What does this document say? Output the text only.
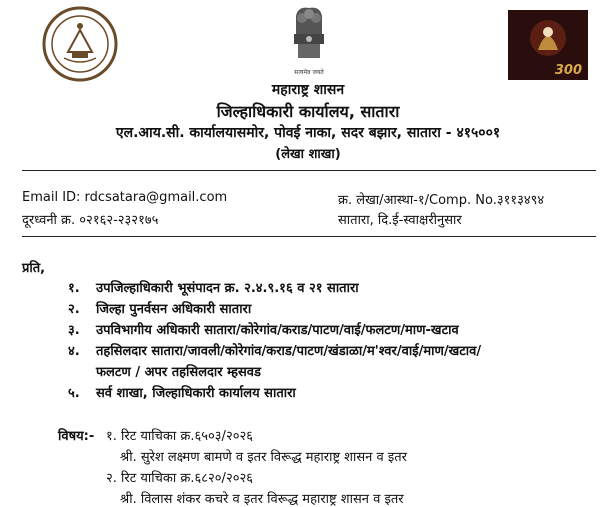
सत्यमेव जयते	300
महाराष्ट्र शासन
जिल्हाधिकारी कार्यालय, सातारा
एल.आय.सी. कार्यालयासमोर, पोवई नाका, सदर बझार, सातारा - ४१५००१
(लेखा शाखा)
Email ID: rdcsatara@gmail.com
दूरध्वनी क्र. ०२१६२-२३२१७५
क्र. लेखा/आस्था-१/Comp. No.३११३४९४
सातारा, दि.ई-स्वाक्षरीनुसार
प्रति,
१. उपजिल्हाधिकारी भूसंपादन क्र. २.४.९.१६ व २१ सातारा
२. जिल्हा पुनर्वसन अधिकारी सातारा
३. उपविभागीय अधिकारी सातारा/कोरेगांव/कराड/पाटण/वाई/फलटण/माण-खटाव
४. तहसिलदार सातारा/जावली/कोरेगांव/कराड/पाटण/खंडाळा/म'श्वर/वाई/माण/खटाव/
फलटण / अपर तहसिलदार म्हसवड
५. सर्व शाखा, जिल्हाधिकारी कार्यालय सातारा
विषय:- १. रिट याचिका क्र.६५०३/२०२६
श्री. सुरेश लक्ष्मण बामणे व इतर विरूद्ध महाराष्ट्र शासन व इतर
२. रिट याचिका क्र.६८२०/२०२६
श्री. विलास शंकर कचरे व इतर विरूद्ध महाराष्ट्र शासन व इतर
